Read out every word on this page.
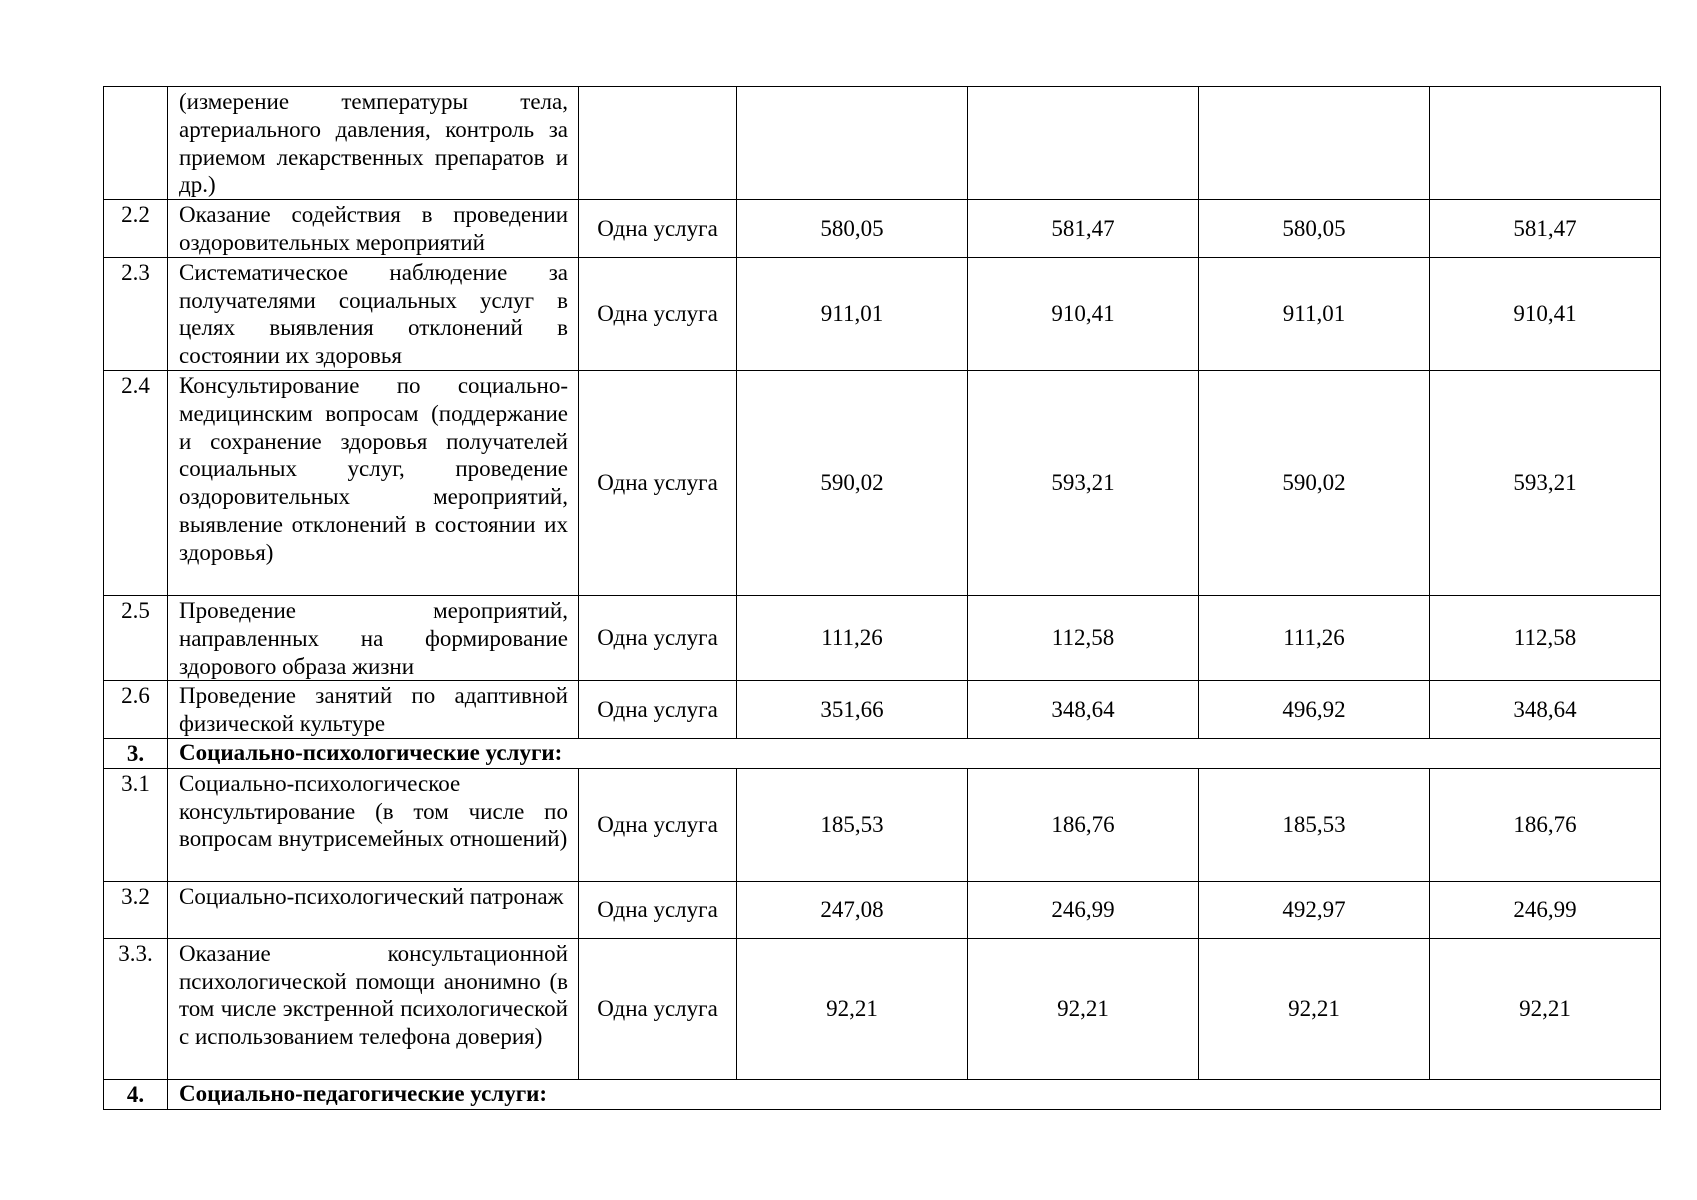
	(измерение температуры тела, артериального давления, контроль за приемом лекарственных препаратов и др.)					
2.2	Оказание содействия в проведении оздоровительных мероприятий	Одна услуга	580,05	581,47	580,05	581,47
2.3	Систематическое наблюдение за получателями социальных услуг в целях выявления отклонений в состоянии их здоровья	Одна услуга	911,01	910,41	911,01	910,41
2.4	Консультирование по социально-медицинским вопросам (поддержание и сохранение здоровья получателей социальных услуг, проведение оздоровительных мероприятий, выявление отклонений в состоянии их здоровья)	Одна услуга	590,02	593,21	590,02	593,21
2.5	Проведение мероприятий, направленных на формирование здорового образа жизни	Одна услуга	111,26	112,58	111,26	112,58
2.6	Проведение занятий по адаптивной физической культуре	Одна услуга	351,66	348,64	496,92	348,64
3.	Социально-психологические услуги:					
3.1	Социально-психологическое консультирование (в том числе по вопросам внутрисемейных отношений)	Одна услуга	185,53	186,76	185,53	186,76
3.2	Социально-психологический патронаж	Одна услуга	247,08	246,99	492,97	246,99
3.3.	Оказание консультационной психологической помощи анонимно (в том числе экстренной психологической с использованием телефона доверия)	Одна услуга	92,21	92,21	92,21	92,21
4.	Социально-педагогические услуги:					
